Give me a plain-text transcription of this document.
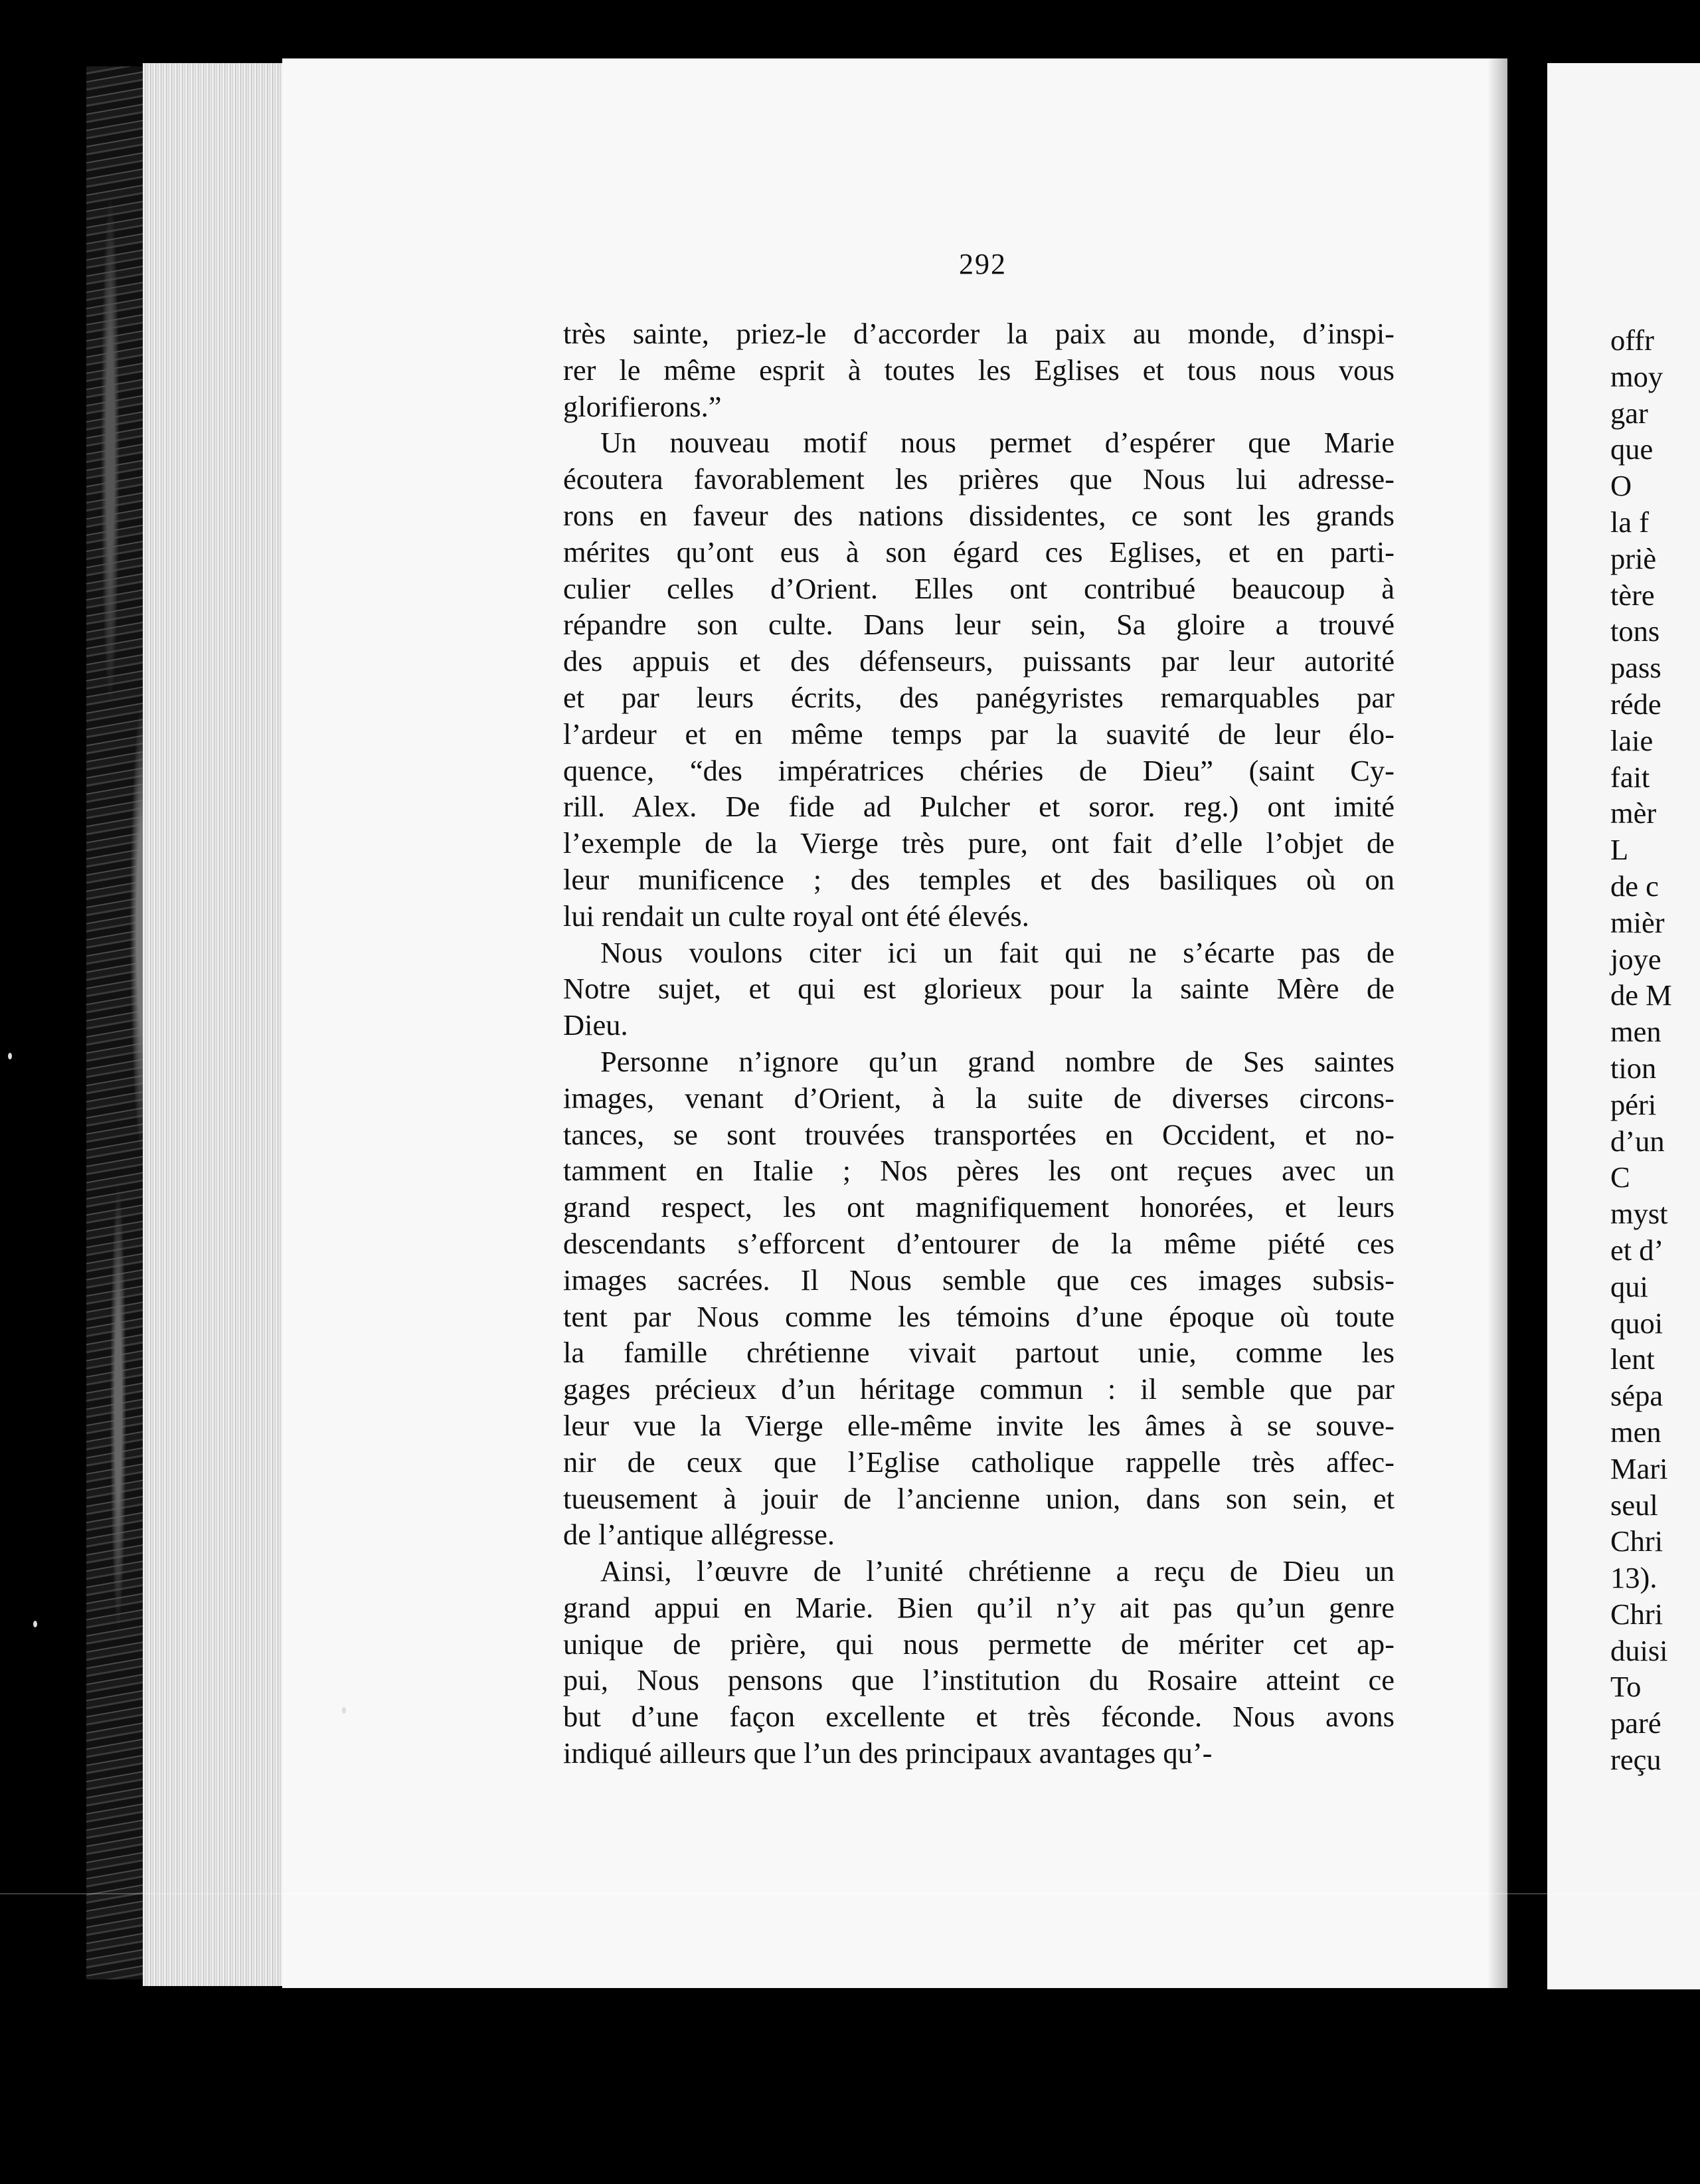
292
très sainte, priez-le d’accorder la paix au monde, d’inspi-
rer le même esprit à toutes les Eglises et tous nous vous
glorifierons.”
Un nouveau motif nous permet d’espérer que Marie
écoutera favorablement les prières que Nous lui adresse-
rons en faveur des nations dissidentes, ce sont les grands
mérites qu’ont eus à son égard ces Eglises, et en parti-
culier celles d’Orient. Elles ont contribué beaucoup à
répandre son culte. Dans leur sein, Sa gloire a trouvé
des appuis et des défenseurs, puissants par leur autorité
et par leurs écrits, des panégyristes remarquables par
l’ardeur et en même temps par la suavité de leur élo-
quence, “des impératrices chéries de Dieu” (saint Cy-
rill. Alex. De fide ad Pulcher et soror. reg.) ont imité
l’exemple de la Vierge très pure, ont fait d’elle l’objet de
leur munificence ; des temples et des basiliques où on
lui rendait un culte royal ont été élevés.
Nous voulons citer ici un fait qui ne s’écarte pas de
Notre sujet, et qui est glorieux pour la sainte Mère de
Dieu.
Personne n’ignore qu’un grand nombre de Ses saintes
images, venant d’Orient, à la suite de diverses circons-
tances, se sont trouvées transportées en Occident, et no-
tamment en Italie ; Nos pères les ont reçues avec un
grand respect, les ont magnifiquement honorées, et leurs
descendants s’efforcent d’entourer de la même piété ces
images sacrées. Il Nous semble que ces images subsis-
tent par Nous comme les témoins d’une époque où toute
la famille chrétienne vivait partout unie, comme les
gages précieux d’un héritage commun : il semble que par
leur vue la Vierge elle-même invite les âmes à se souve-
nir de ceux que l’Eglise catholique rappelle très affec-
tueusement à jouir de l’ancienne union, dans son sein, et
de l’antique allégresse.
Ainsi, l’œuvre de l’unité chrétienne a reçu de Dieu un
grand appui en Marie. Bien qu’il n’y ait pas qu’un genre
unique de prière, qui nous permette de mériter cet ap-
pui, Nous pensons que l’institution du Rosaire atteint ce
but d’une façon excellente et très féconde. Nous avons
indiqué ailleurs que l’un des principaux avantages qu’-
offr
moy
gar
que
O
la f
priè
tère
tons
pass
réde
laie
fait
mèr
L
de c
mièr
joye
de M
men
tion
péri
d’un
C
myst
et d’
qui
quoi
lent
sépa
men
Mari
seul
Chri
13).
Chri
duisi
To
paré
reçu
